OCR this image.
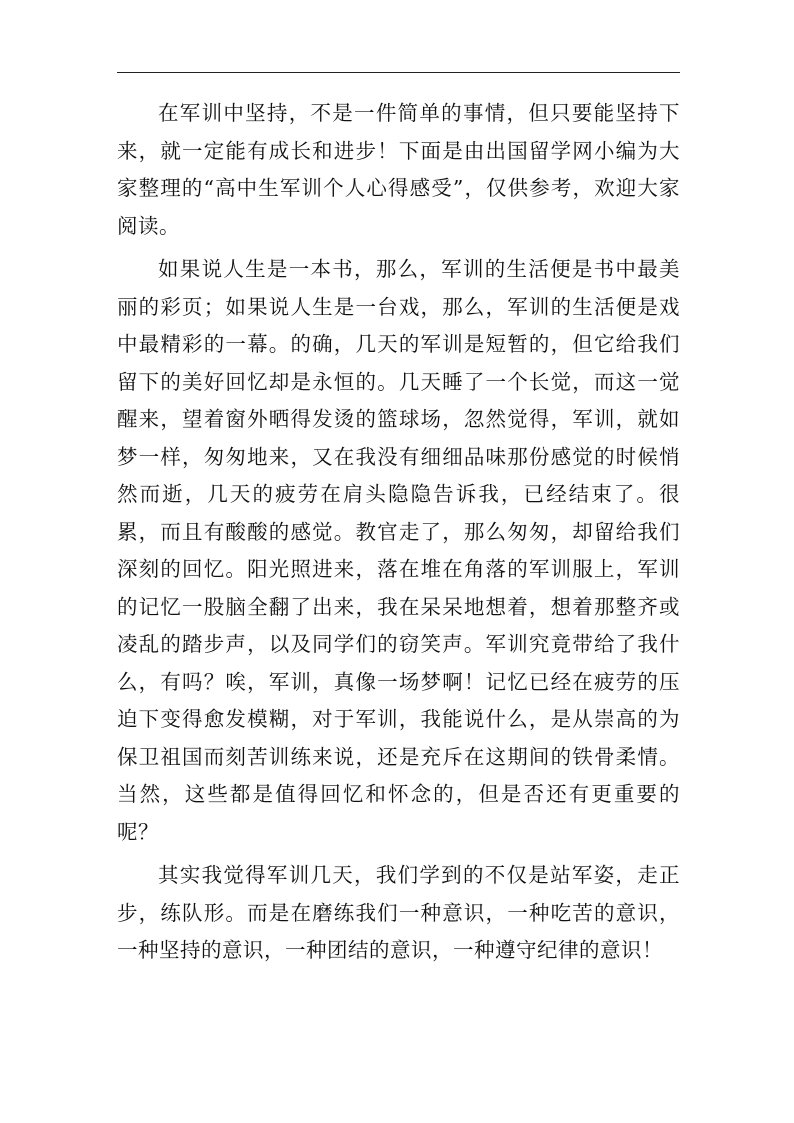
在军训中坚持，不是一件简单的事情，但只要能坚持下来，就一定能有成长和进步！下面是由出国留学网小编为大家整理的“高中生军训个人心得感受”，仅供参考，欢迎大家阅读。

如果说人生是一本书，那么，军训的生活便是书中最美丽的彩页；如果说人生是一台戏，那么，军训的生活便是戏中最精彩的一幕。的确，几天的军训是短暂的，但它给我们留下的美好回忆却是永恒的。几天睡了一个长觉，而这一觉醒来，望着窗外晒得发烫的篮球场，忽然觉得，军训，就如梦一样，匆匆地来，又在我没有细细品味那份感觉的时候悄然而逝，几天的疲劳在肩头隐隐告诉我，已经结束了。很累，而且有酸酸的感觉。教官走了，那么匆匆，却留给我们深刻的回忆。阳光照进来，落在堆在角落的军训服上，军训的记忆一股脑全翻了出来，我在呆呆地想着，想着那整齐或凌乱的踏步声，以及同学们的窃笑声。军训究竟带给了我什么，有吗？唉，军训，真像一场梦啊！记忆已经在疲劳的压迫下变得愈发模糊，对于军训，我能说什么，是从崇高的为保卫祖国而刻苦训练来说，还是充斥在这期间的铁骨柔情。当然，这些都是值得回忆和怀念的，但是否还有更重要的呢？

其实我觉得军训几天，我们学到的不仅是站军姿，走正步，练队形。而是在磨练我们一种意识，一种吃苦的意识，一种坚持的意识，一种团结的意识，一种遵守纪律的意识！
